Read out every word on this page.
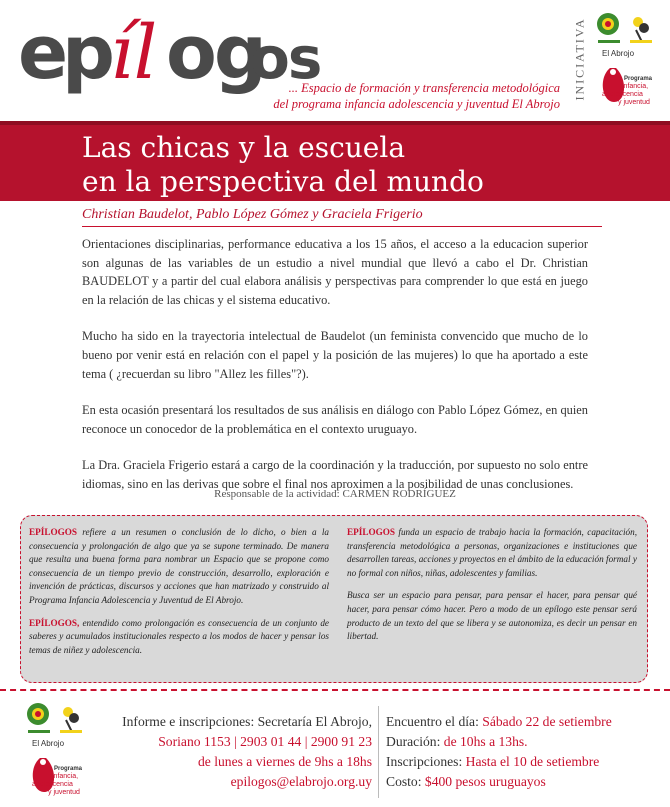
e
p
íl og
os
... Espacio de formación y transferencia metodológica
del programa infancia adolescencia y juventud El Abrojo
INICIATIVA El Abrojo
Programa
infancia,
adolescencia
y juventud
Las chicas y la escuela
en la perspectiva del mundo
Christian Baudelot, Pablo López Gómez y Graciela Frigerio

Orientaciones disciplinarias, performance educativa a los 15 años, el acceso a la educacion superior son algunas de las variables de un estudio a nivel mundial que llevó a cabo el Dr. Christian BAUDELOT y a partir del cual elabora análisis y perspectivas para comprender lo que está en juego en la relación de las chicas y el sistema educativo.

Mucho ha sido en la trayectoria intelectual de Baudelot (un feminista convencido que mucho de lo bueno por venir está en relación con el papel y la posición de las mujeres) lo que ha aportado a este tema ( ¿recuerdan su libro "Allez les filles"?).

En esta ocasión presentará los resultados de sus análisis en diálogo con Pablo López Gómez, en quien reconoce un conocedor de la problemática en el contexto uruguayo.

La Dra. Graciela Frigerio estará a cargo de la coordinación y la traducción, por supuesto no solo entre idiomas, sino en las derivas que sobre el final nos aproximen a la posibilidad de unas conclusiones.

Responsable de la actividad: CARMEN RODRÍGUEZ

EPÍLOGOS refiere a un resumen o conclusión de lo dicho, o bien a la consecuencia y prolongación de algo que ya se supone terminado. De manera que resulta una buena forma para nombrar un Espacio que se propone como consecuencia de un tiempo previo de construcción, desarrollo, exploración e invención de prácticas, discursos y acciones que han matrizado y construido al Programa Infancia Adolescencia y Juventud de El Abrojo.

EPÍLOGOS, entendido como prolongación es consecuencia de un conjunto de saberes y acumulados institucionales respecto a los modos de hacer y pensar los temas de niñez y adolescencia.

EPÍLOGOS funda un espacio de trabajo hacia la formación, capacitación, transferencia metodológica a personas, organizaciones e instituciones que desarrollen tareas, acciones y proyectos en el ámbito de la educación formal y no formal con niños, niñas, adolescentes y familias.

Busca ser un espacio para pensar, para pensar el hacer, para pensar qué hacer, para pensar cómo hacer. Pero a modo de un epílogo este pensar será producto de un texto del que se libera y se autonomiza, es decir un pensar en libertad.

El Abrojo
Programa
infancia,
adolescencia
y juventud
Informe e inscripciones: Secretaría El Abrojo,
Soriano 1153 | 2903 01 44 | 2900 91 23
de lunes a viernes de 9hs a 18hs
epilogos@elabrojo.org.uy
Encuentro el día: Sábado 22 de setiembre
Duración: de 10hs a 13hs.
Inscripciones: Hasta el 10 de setiembre
Costo: $400 pesos uruguayos
